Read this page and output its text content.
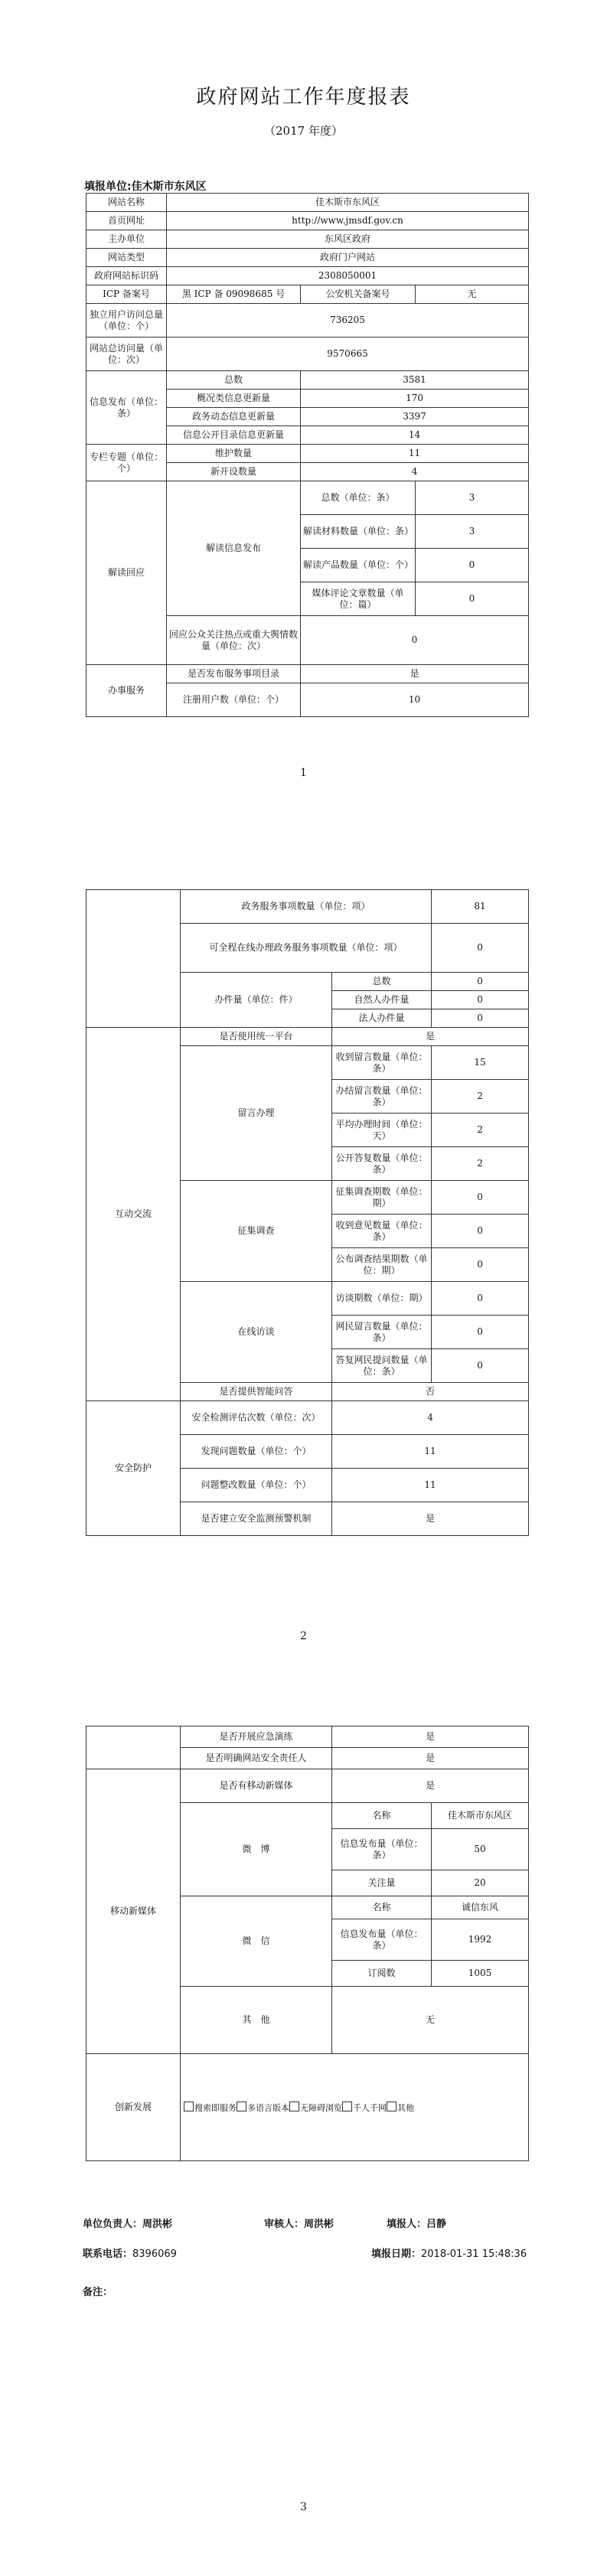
政府网站工作年度报表
（2017 年度）
填报单位:佳木斯市东风区
网站名称	佳木斯市东风区		
首页网址	http://www.jmsdf.gov.cn		
主办单位	东风区政府		
网站类型	政府门户网站		
政府网站标识码	2308050001		
ICP 备案号	黑 ICP 备 09098685 号	公安机关备案号	无
独立用户访问总量（单位：个）	736205		
网站总访问量（单位：次）	9570665		
信息发布（单位：条）	总数	3581	
	概况类信息更新量	170	
	政务动态信息更新量	3397	
	信息公开目录信息更新量	14	
专栏专题（单位：个）	维护数量	11	
	新开设数量	4	
解读回应	解读信息发布	总数（单位：条）	3
		解读材料数量（单位：条）	3
		解读产品数量（单位：个）	0
		媒体评论文章数量（单位：篇）	0
	回应公众关注热点或重大舆情数量（单位：次）	0	
办事服务	是否发布服务事项目录	是	
	注册用户数（单位：个）	10	
1
	政务服务事项数量（单位：项）		81
	可全程在线办理政务服务事项数量（单位：项）		0
	办件量（单位：件）	总数	0
		自然人办件量	0
		法人办件量	0
互动交流	是否使用统一平台	是	
	留言办理	收到留言数量（单位：条）	15
		办结留言数量（单位：条）	2
		平均办理时间（单位：天）	2
		公开答复数量（单位：条）	2
	征集调查	征集调查期数（单位：期）	0
		收到意见数量（单位：条）	0
		公布调查结果期数（单位：期）	0
	在线访谈	访谈期数（单位：期）	0
		网民留言数量（单位：条）	0
		答复网民提问数量（单位：条）	0
	是否提供智能问答	否	
安全防护	安全检测评估次数（单位：次）	4	
	发现问题数量（单位：个）	11	
	问题整改数量（单位：个）	11	
	是否建立安全监测预警机制	是	
2
	是否开展应急演练	是	
	是否明确网站安全责任人	是	
移动新媒体	是否有移动新媒体	是	
	微　博	名称	佳木斯市东风区
		信息发布量（单位：条）	50
		关注量	20
	微　信	名称	诚信东风
		信息发布量（单位：条）	1992
		订阅数	1005
	其　他	无	
创新发展	搜索即服务 多语言版本 无障碍浏览 千人千网 其他		
单位负责人：周洪彬	审核人：周洪彬	填报人：吕静
联系电话：8396069	填报日期：2018-01-31 15:48:36
备注：
3
